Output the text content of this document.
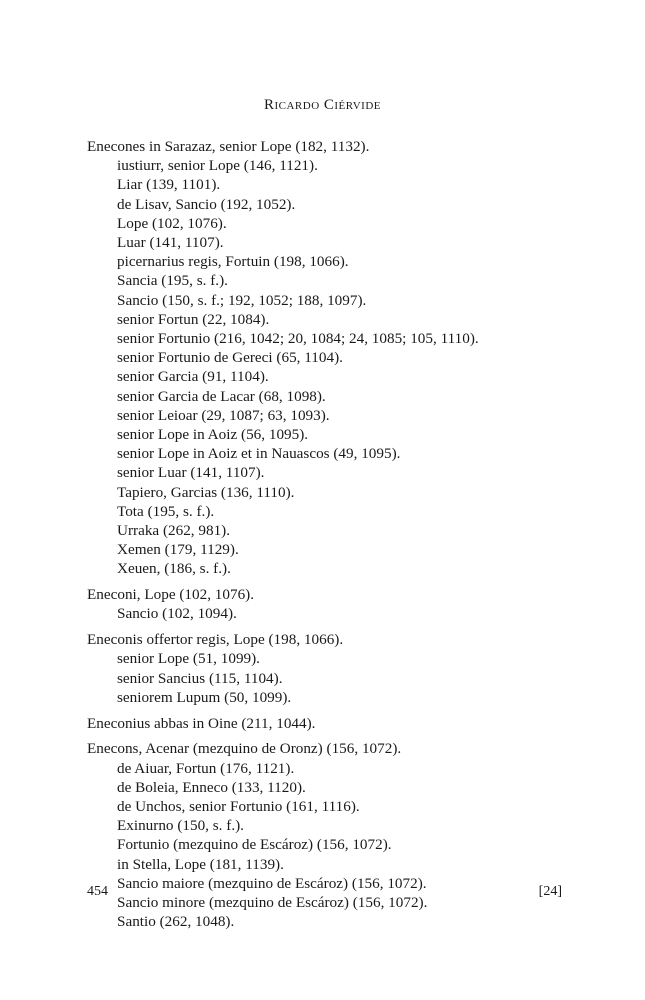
Ricardo Ciérvide
Enecones in Sarazaz, senior Lope (182, 1132).
iustiurr, senior Lope (146, 1121).
Liar (139, 1101).
de Lisav, Sancio (192, 1052).
Lope (102, 1076).
Luar (141, 1107).
picernarius regis, Fortuin (198, 1066).
Sancia (195, s. f.).
Sancio (150, s. f.; 192, 1052; 188, 1097).
senior Fortun (22, 1084).
senior Fortunio (216, 1042; 20, 1084; 24, 1085; 105, 1110).
senior Fortunio de Gereci (65, 1104).
senior Garcia (91, 1104).
senior Garcia de Lacar (68, 1098).
senior Leioar (29, 1087; 63, 1093).
senior Lope in Aoiz (56, 1095).
senior Lope in Aoiz et in Nauascos (49, 1095).
senior Luar (141, 1107).
Tapiero, Garcias (136, 1110).
Tota (195, s. f.).
Urraka (262, 981).
Xemen (179, 1129).
Xeuen, (186, s. f.).
Eneconi, Lope (102, 1076).
Sancio (102, 1094).
Eneconis offertor regis, Lope (198, 1066).
senior Lope (51, 1099).
senior Sancius (115, 1104).
seniorem Lupum (50, 1099).
Eneconius abbas in Oine (211, 1044).
Enecons, Acenar (mezquino de Oronz) (156, 1072).
de Aiuar, Fortun (176, 1121).
de Boleia, Enneco (133, 1120).
de Unchos, senior Fortunio (161, 1116).
Exinurno (150, s. f.).
Fortunio (mezquino de Escároz) (156, 1072).
in Stella, Lope (181, 1139).
Sancio maiore (mezquino de Escároz) (156, 1072).
Sancio minore (mezquino de Escároz) (156, 1072).
Santio (262, 1048).
454	[24]
